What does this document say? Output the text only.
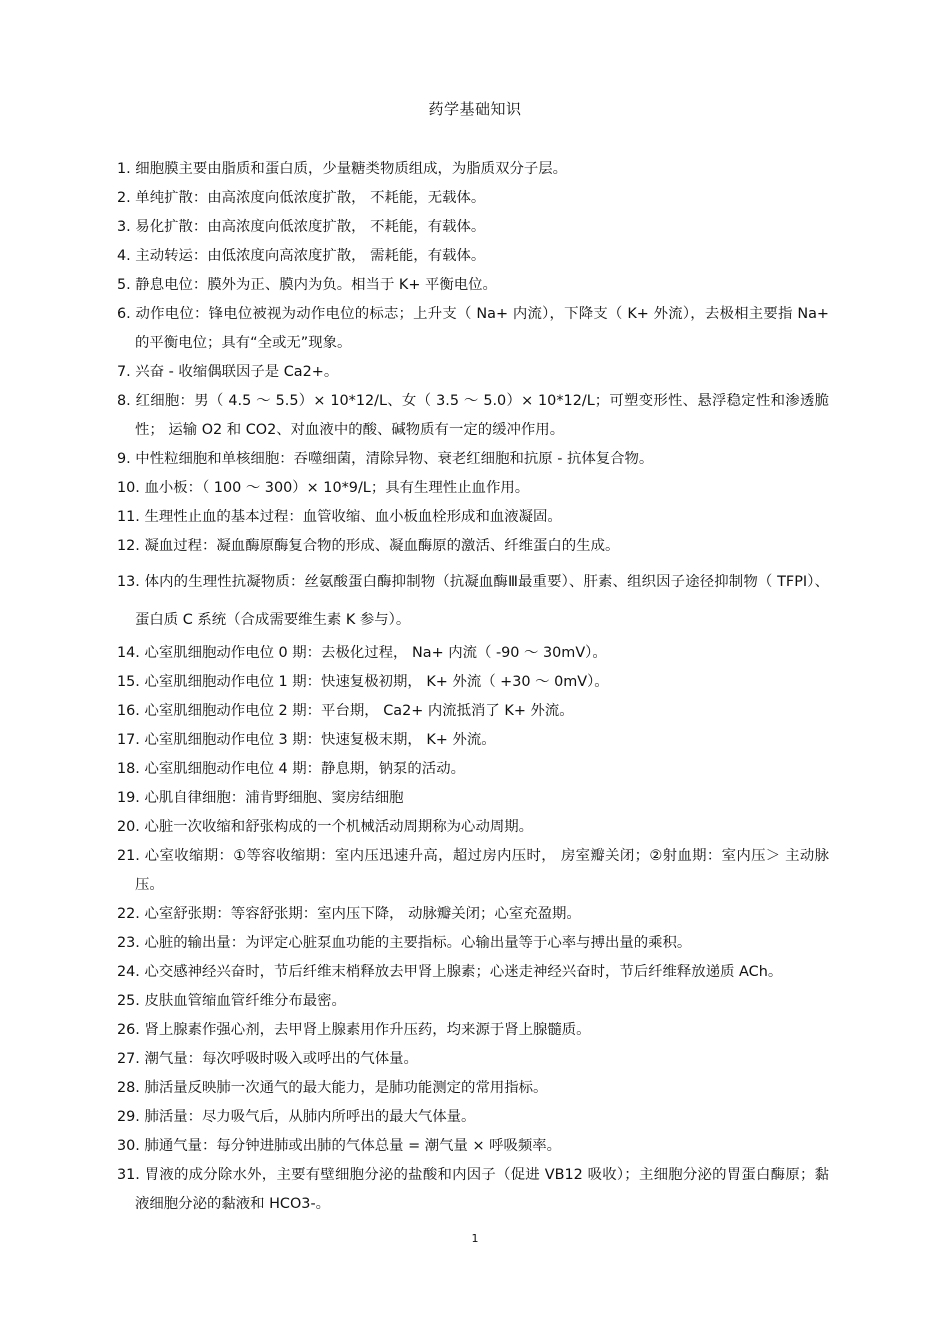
药学基础知识
1. 细胞膜主要由脂质和蛋白质，少量糖类物质组成，为脂质双分子层。
2. 单纯扩散：由高浓度向低浓度扩散， 不耗能，无载体。
3. 易化扩散：由高浓度向低浓度扩散， 不耗能，有载体。
4. 主动转运：由低浓度向高浓度扩散， 需耗能，有载体。
5. 静息电位：膜外为正、膜内为负。相当于 K+ 平衡电位。
6. 动作电位：锋电位被视为动作电位的标志；上升支（ Na+ 内流），下降支（ K+ 外流），去极相主要指 Na+ 的平衡电位；具有“全或无”现象。
7. 兴奋 - 收缩偶联因子是 Ca2+。
8. 红细胞：男（ 4.5 ～ 5.5）× 10*12/L、女（ 3.5 ～ 5.0）× 10*12/L；可塑变形性、悬浮稳定性和渗透脆性； 运输 O2 和 CO2、对血液中的酸、碱物质有一定的缓冲作用。
9. 中性粒细胞和单核细胞：吞噬细菌，清除异物、衰老红细胞和抗原 - 抗体复合物。
10. 血小板：（ 100 ～ 300）× 10*9/L；具有生理性止血作用。
11. 生理性止血的基本过程：血管收缩、血小板血栓形成和血液凝固。
12. 凝血过程：凝血酶原酶复合物的形成、凝血酶原的激活、纤维蛋白的生成。
13. 体内的生理性抗凝物质：丝氨酸蛋白酶抑制物（抗凝血酶Ⅲ最重要）、肝素、组织因子途径抑制物（ TFPI）、蛋白质 C 系统（合成需要维生素 K 参与）。
14. 心室肌细胞动作电位 0 期：去极化过程， Na+ 内流（ -90 ～ 30mV）。
15. 心室肌细胞动作电位 1 期：快速复极初期， K+ 外流（ +30 ～ 0mV）。
16. 心室肌细胞动作电位 2 期：平台期， Ca2+ 内流抵消了 K+ 外流。
17. 心室肌细胞动作电位 3 期：快速复极末期， K+ 外流。
18. 心室肌细胞动作电位 4 期：静息期，钠泵的活动。
19. 心肌自律细胞：浦肯野细胞、窦房结细胞
20. 心脏一次收缩和舒张构成的一个机械活动周期称为心动周期。
21. 心室收缩期：①等容收缩期：室内压迅速升高，超过房内压时， 房室瓣关闭；②射血期：室内压＞ 主动脉压。
22. 心室舒张期：等容舒张期：室内压下降， 动脉瓣关闭；心室充盈期。
23. 心脏的输出量：为评定心脏泵血功能的主要指标。心输出量等于心率与搏出量的乘积。
24. 心交感神经兴奋时，节后纤维末梢释放去甲肾上腺素；心迷走神经兴奋时，节后纤维释放递质 ACh。
25. 皮肤血管缩血管纤维分布最密。
26. 肾上腺素作强心剂，去甲肾上腺素用作升压药，均来源于肾上腺髓质。
27. 潮气量：每次呼吸时吸入或呼出的气体量。
28. 肺活量反映肺一次通气的最大能力，是肺功能测定的常用指标。
29. 肺活量：尽力吸气后，从肺内所呼出的最大气体量。
30. 肺通气量：每分钟进肺或出肺的气体总量 = 潮气量 × 呼吸频率。
31. 胃液的成分除水外，主要有壁细胞分泌的盐酸和内因子（促进 VB12 吸收）；主细胞分泌的胃蛋白酶原；黏液细胞分泌的黏液和 HCO3-。
1
